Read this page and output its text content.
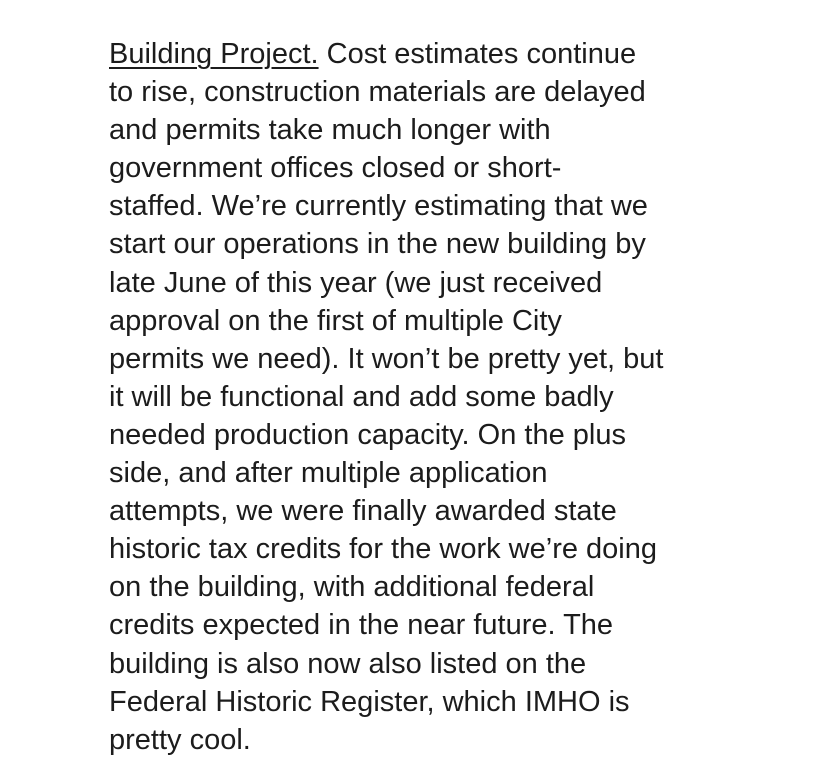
Building Project. Cost estimates continue
to rise, construction materials are delayed
and permits take much longer with
government offices closed or short-
staffed. We’re currently estimating that we
start our operations in the new building by
late June of this year (we just received
approval on the first of multiple City
permits we need). It won’t be pretty yet, but
it will be functional and add some badly
needed production capacity. On the plus
side, and after multiple application
attempts, we were finally awarded state
historic tax credits for the work we’re doing
on the building, with additional federal
credits expected in the near future. The
building is also now also listed on the
Federal Historic Register, which IMHO is
pretty cool.
